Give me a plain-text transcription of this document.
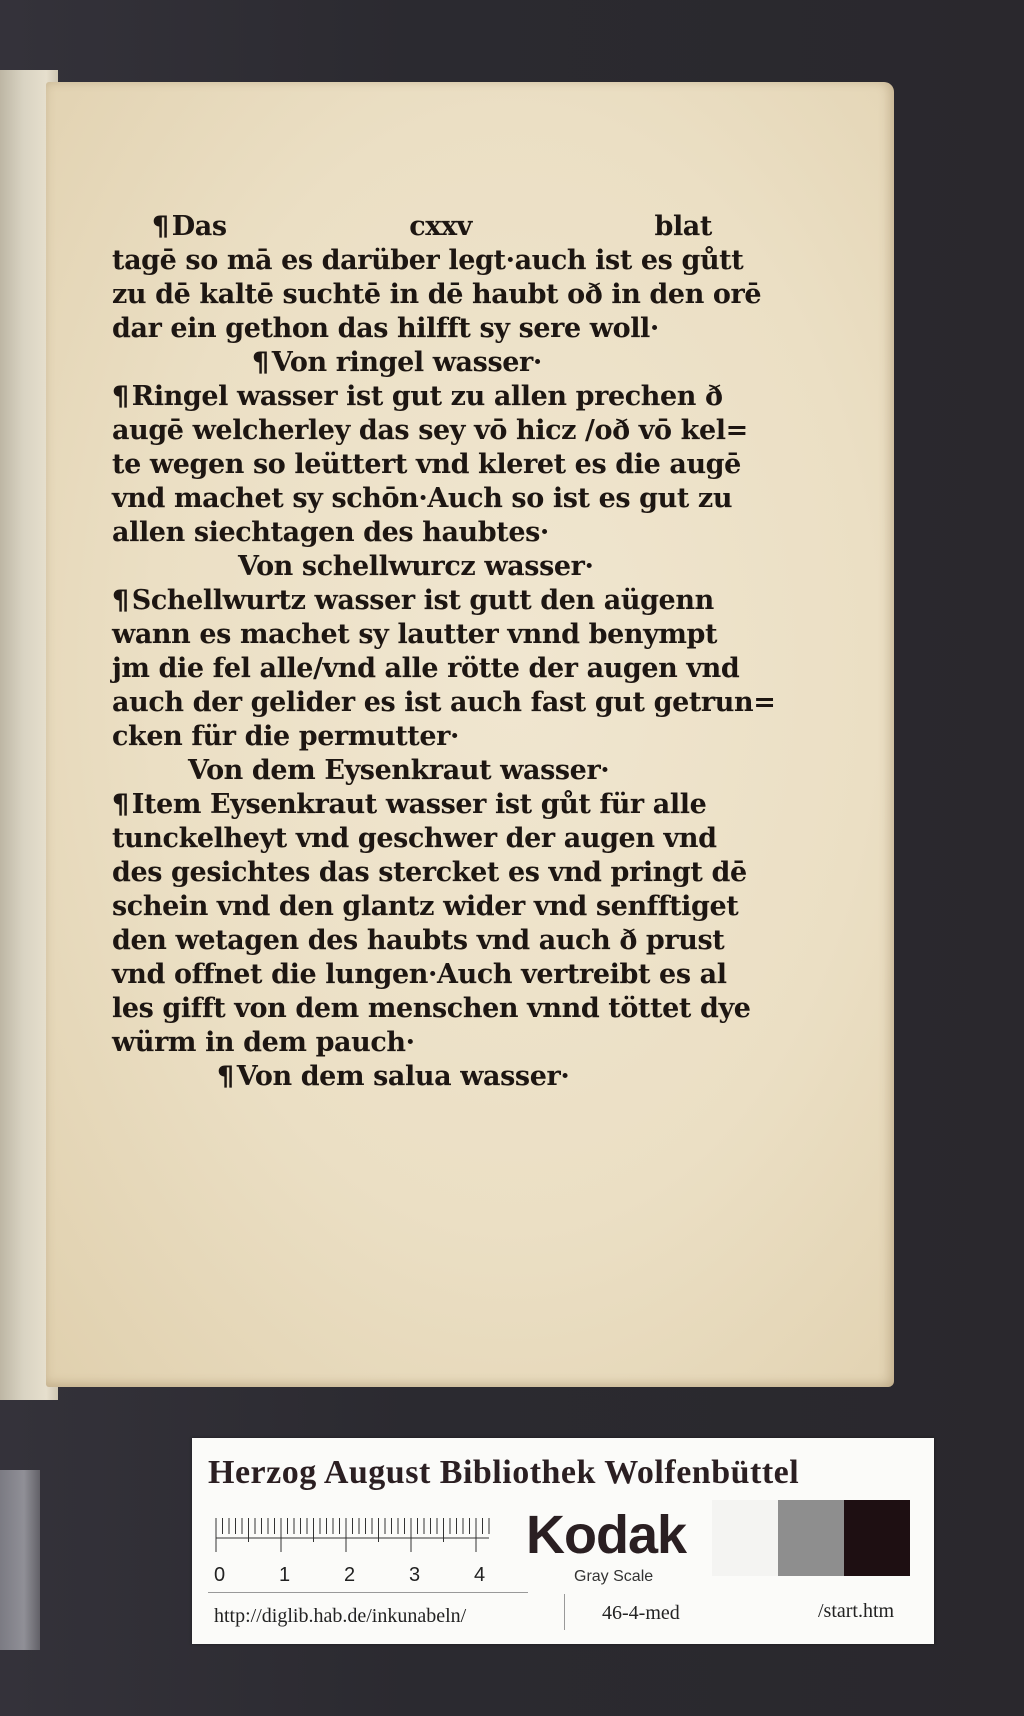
¶ Das	cxxv	blat
tagē so mā es darüber legt·auch ist es gůtt
zu dē kaltē suchtē in dē haubt oð in den orē
dar ein gethon das hilfft sy sere woll·
¶ Von ringel wasser·
¶ Ringel wasser ist gut zu allen prechen ð
augē welcherley das sey vō hicz /oð vō kel=
te wegen so leüttert vnd kleret es die augē
vnd machet sy schōn·Auch so ist es gut zu
allen siechtagen des haubtes·
Von schellwurcz wasser·
¶ Schellwurtz wasser ist gutt den aügenn
wann es machet sy lautter vnnd benympt
jm die fel alle/vnd alle rötte der augen vnd
auch der gelider es ist auch fast gut getrun=
cken für die permutter·
Von dem Eysenkraut wasser·
¶ Item Eysenkraut wasser ist gůt für alle
tunckelheyt vnd geschwer der augen vnd
des gesichtes das stercket es vnd pringt dē
schein vnd den glantz wider vnd senfftiget
den wetagen des haubts vnd auch ð prust
vnd offnet die lungen·Auch vertreibt es al
les gifft von dem menschen vnnd töttet dye
würm in dem pauch·
¶ Von dem salua wasser·
Herzog August Bibliothek Wolfenbüttel
0	1	2	3	4
Kodak
Gray Scale
http://diglib.hab.de/inkunabeln/	46-4-med	/start.htm
